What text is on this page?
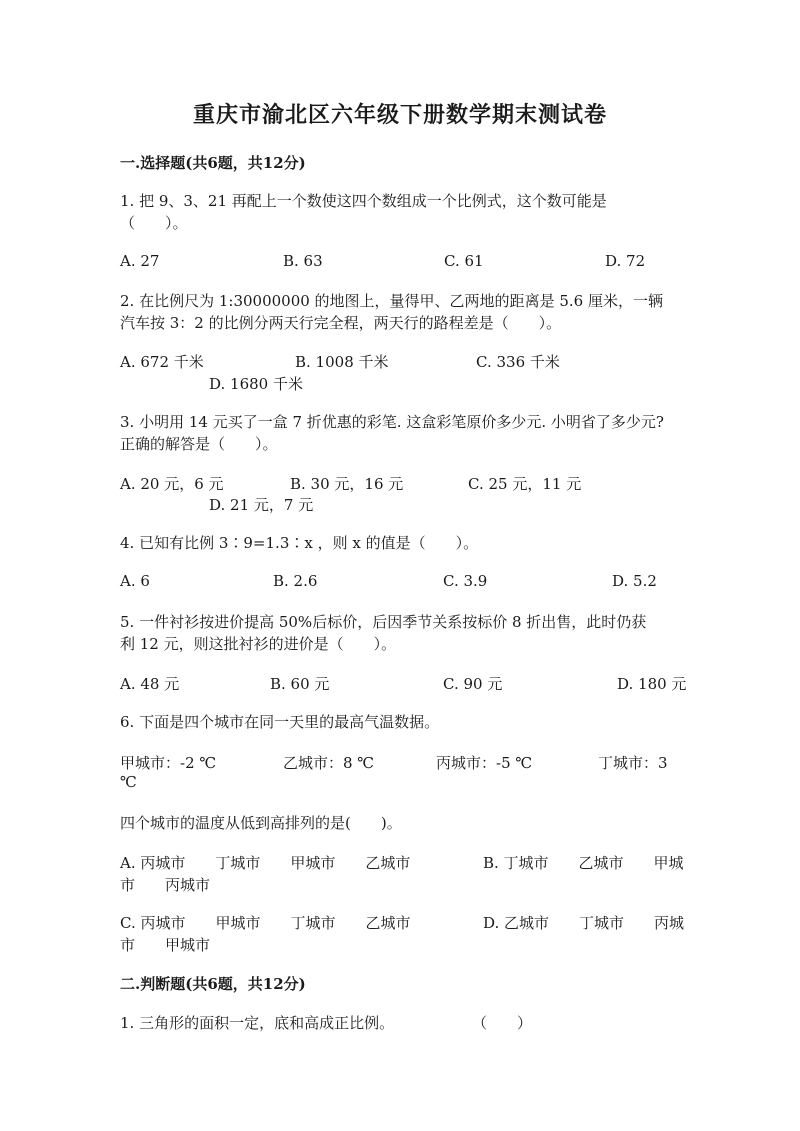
重庆市渝北区六年级下册数学期末测试卷
一.选择题(共6题，共12分)
1. 把 9、3、21 再配上一个数使这四个数组成一个比例式，这个数可能是
（　　）。
A. 27	B. 63	C. 61	D. 72
2. 在比例尺为 1:30000000 的地图上，量得甲、乙两地的距离是 5.6 厘米，一辆
汽车按 3：2 的比例分两天行完全程，两天行的路程差是（　　）。
A. 672 千米	B. 1008 千米	C. 336 千米
D. 1680 千米
3. 小明用 14 元买了一盒 7 折优惠的彩笔. 这盒彩笔原价多少元. 小明省了多少元?
正确的解答是（　　）。
A. 20 元，6 元	B. 30 元，16 元	C. 25 元，11 元
D. 21 元，7 元
4. 已知有比例 3∶9=1.3∶x ，则 x 的值是（　　）。
A. 6	B. 2.6	C. 3.9	D. 5.2
5. 一件衬衫按进价提高 50%后标价，后因季节关系按标价 8 折出售，此时仍获
利 12 元，则这批衬衫的进价是（　　）。
A. 48 元	B. 60 元	C. 90 元	D. 180 元
6. 下面是四个城市在同一天里的最高气温数据。
甲城市：-2 ℃	乙城市：8 ℃	丙城市：-5 ℃	丁城市：3
℃
四个城市的温度从低到高排列的是(　　)。
A. 丙城市　　丁城市　　甲城市　　乙城市	B. 丁城市　　乙城市　　甲城
市　　丙城市
C. 丙城市　　甲城市　　丁城市　　乙城市	D. 乙城市　　丁城市　　丙城
市　　甲城市
二.判断题(共6题，共12分)
1. 三角形的面积一定，底和高成正比例。	（　　）
